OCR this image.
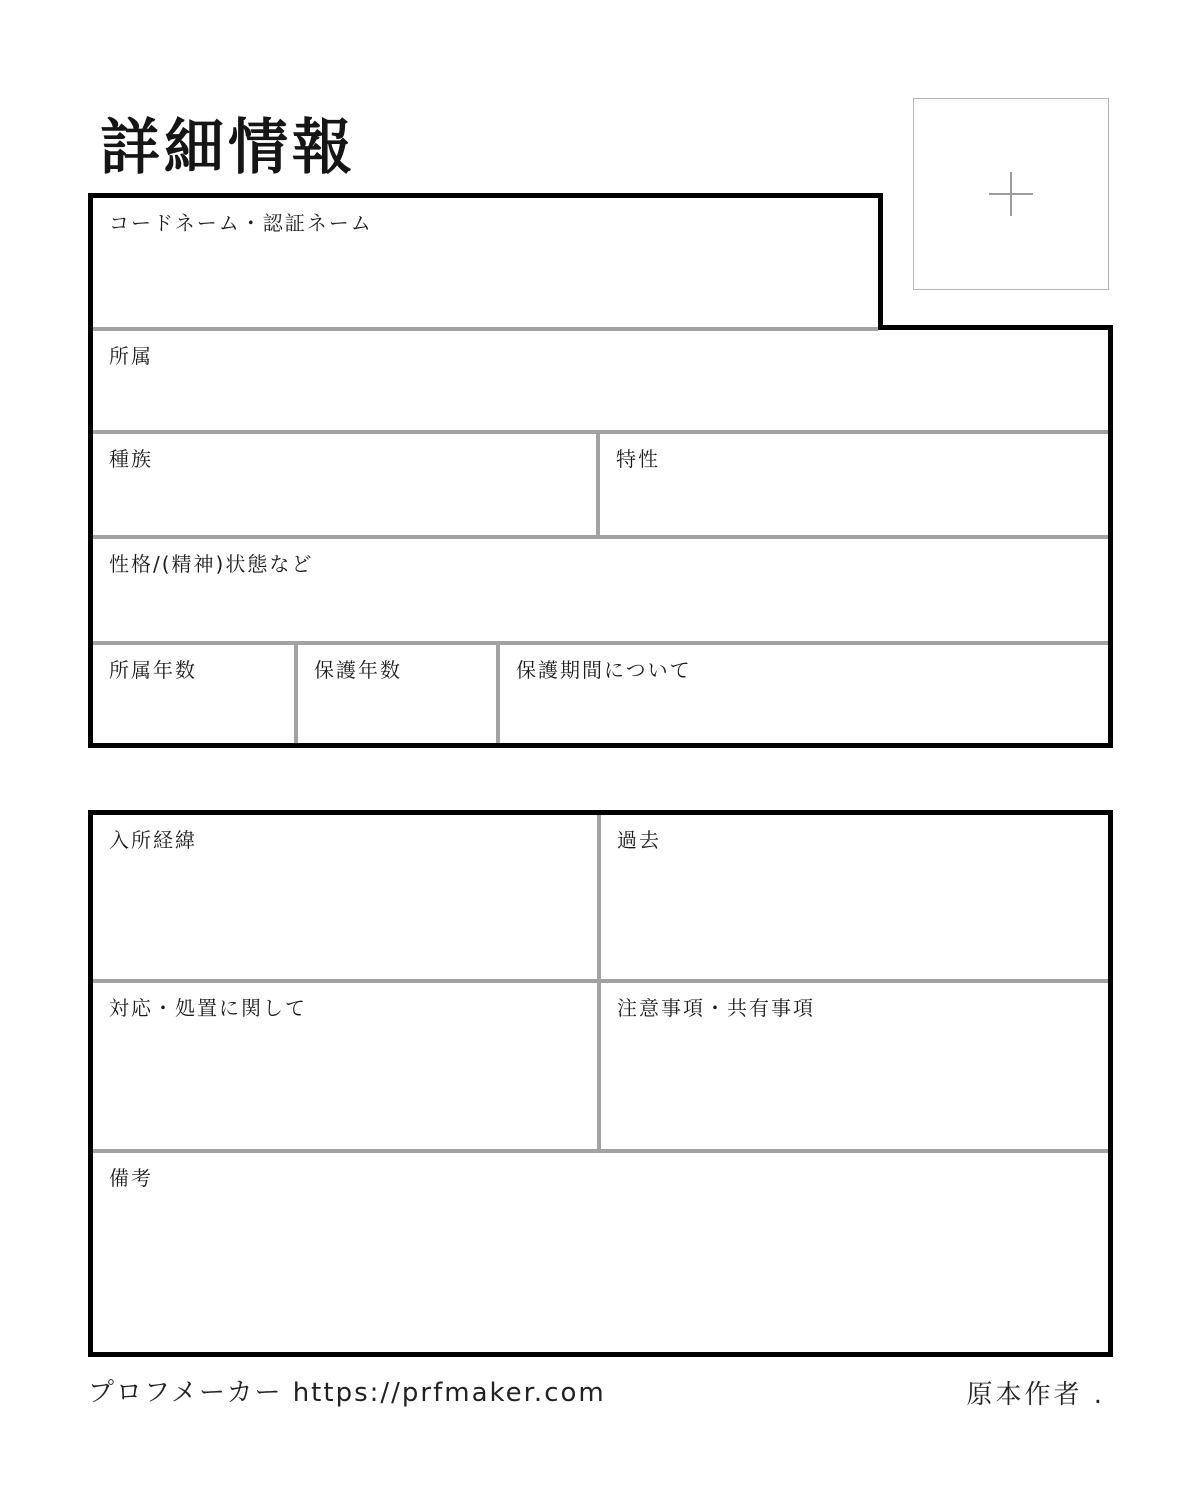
詳細情報
コードネーム・認証ネーム
所属
種族	特性
性格/(精神)状態など
所属年数	保護年数	保護期間について
入所経緯	過去
対応・処置に関して	注意事項・共有事項
備考
プロフメーカー https://prfmaker.com	原本作者 .
